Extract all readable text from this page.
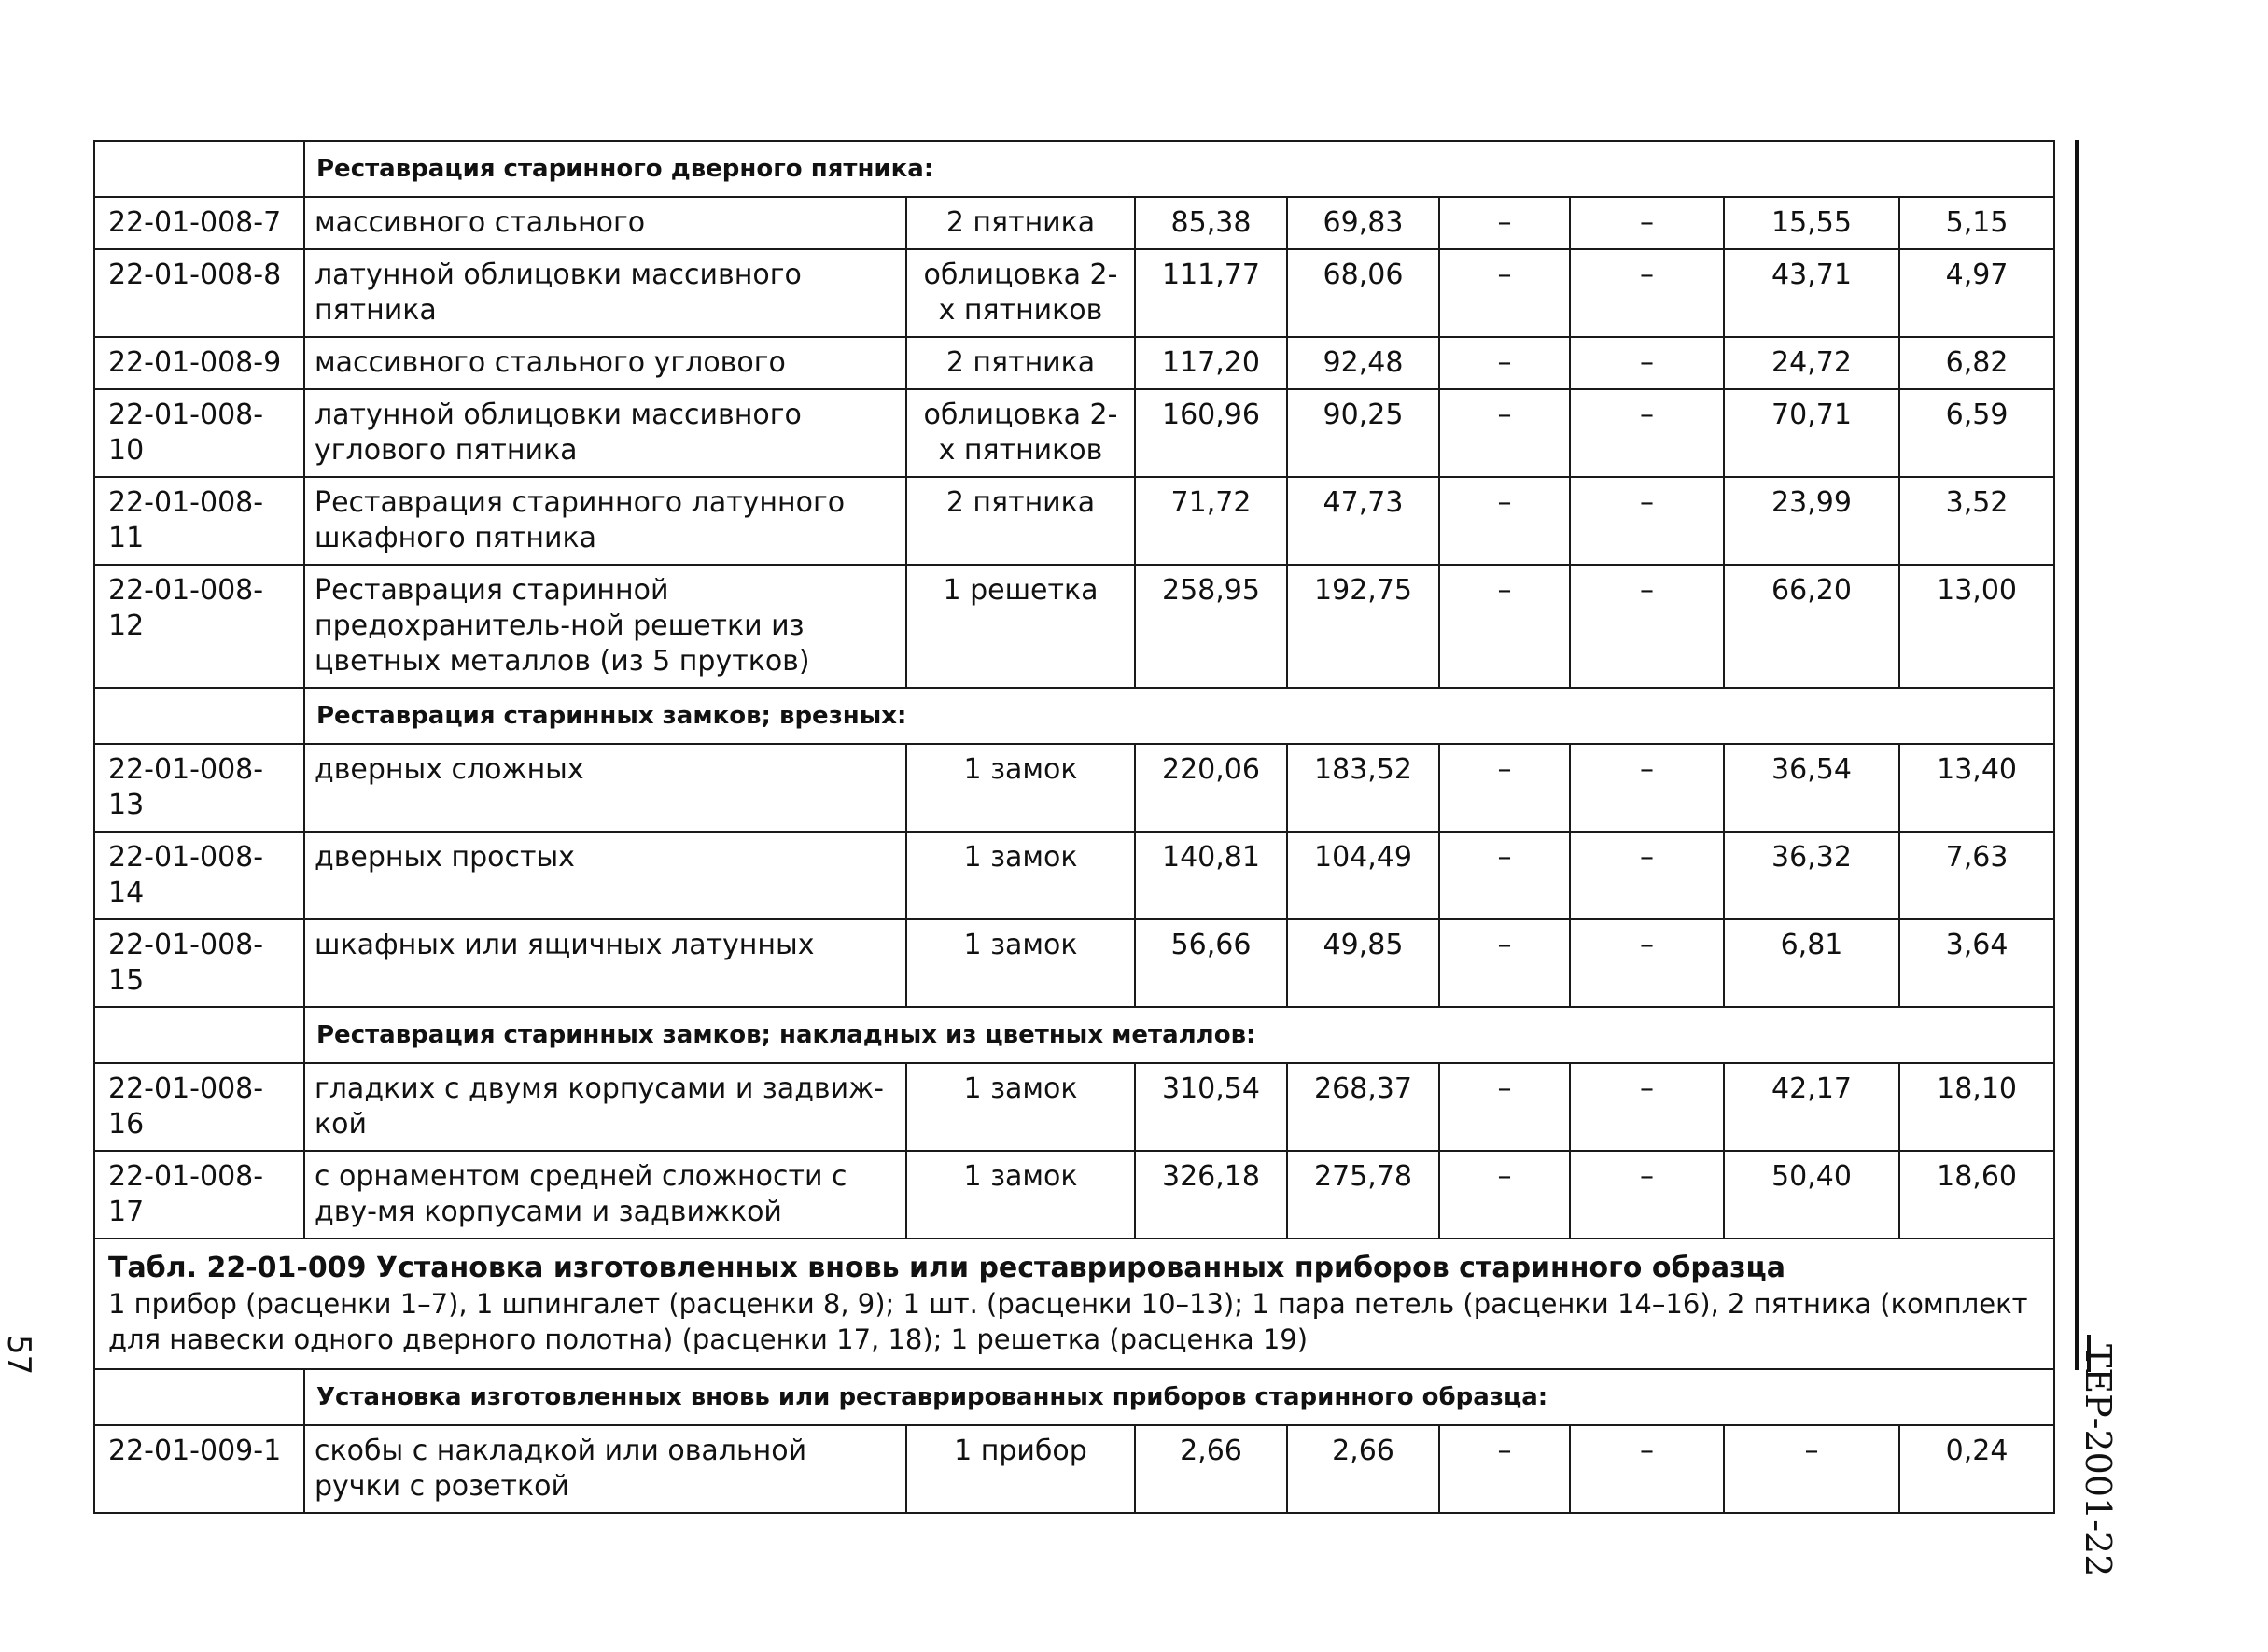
	Реставрация старинного дверного пятника:							
22-01-008-7	массивного стального	2 пятника	85,38	69,83	–	–	15,55	5,15
22-01-008-8	латунной облицовки массивного пятника	облицовка 2-х пятников	111,77	68,06	–	–	43,71	4,97
22-01-008-9	массивного стального углового	2 пятника	117,20	92,48	–	–	24,72	6,82
22-01-008-10	латунной облицовки массивного углового пятника	облицовка 2-х пятников	160,96	90,25	–	–	70,71	6,59
22-01-008-11	Реставрация старинного латунного шкафного пятника	2 пятника	71,72	47,73	–	–	23,99	3,52
22-01-008-12	Реставрация старинной предохранитель-ной решетки из цветных металлов (из 5 прутков)	1 решетка	258,95	192,75	–	–	66,20	13,00
	Реставрация старинных замков; врезных:							
22-01-008-13	дверных сложных	1 замок	220,06	183,52	–	–	36,54	13,40
22-01-008-14	дверных простых	1 замок	140,81	104,49	–	–	36,32	7,63
22-01-008-15	шкафных или ящичных латунных	1 замок	56,66	49,85	–	–	6,81	3,64
	Реставрация старинных замков; накладных из цветных металлов:							
22-01-008-16	гладких с двумя корпусами и задвиж-кой	1 замок	310,54	268,37	–	–	42,17	18,10
22-01-008-17	с орнаментом средней сложности с дву-мя корпусами и задвижкой	1 замок	326,18	275,78	–	–	50,40	18,60

Табл. 22-01-009 Установка изготовленных вновь или реставрированных приборов старинного образца
1 прибор (расценки 1–7), 1 шпингалет (расценки 8, 9); 1 шт. (расценки 10–13); 1 пара петель (расценки 14–16), 2 пятника (комплект для навески одного дверного полотна) (расценки 17, 18); 1 решетка (расценка 19)								

	Установка изготовленных вновь или реставрированных приборов старинного образца:							
22-01-009-1	скобы с накладкой или овальной ручки с розеткой	1 прибор	2,66	2,66	–	–	–	0,24 ТЕР-2001-22
57
